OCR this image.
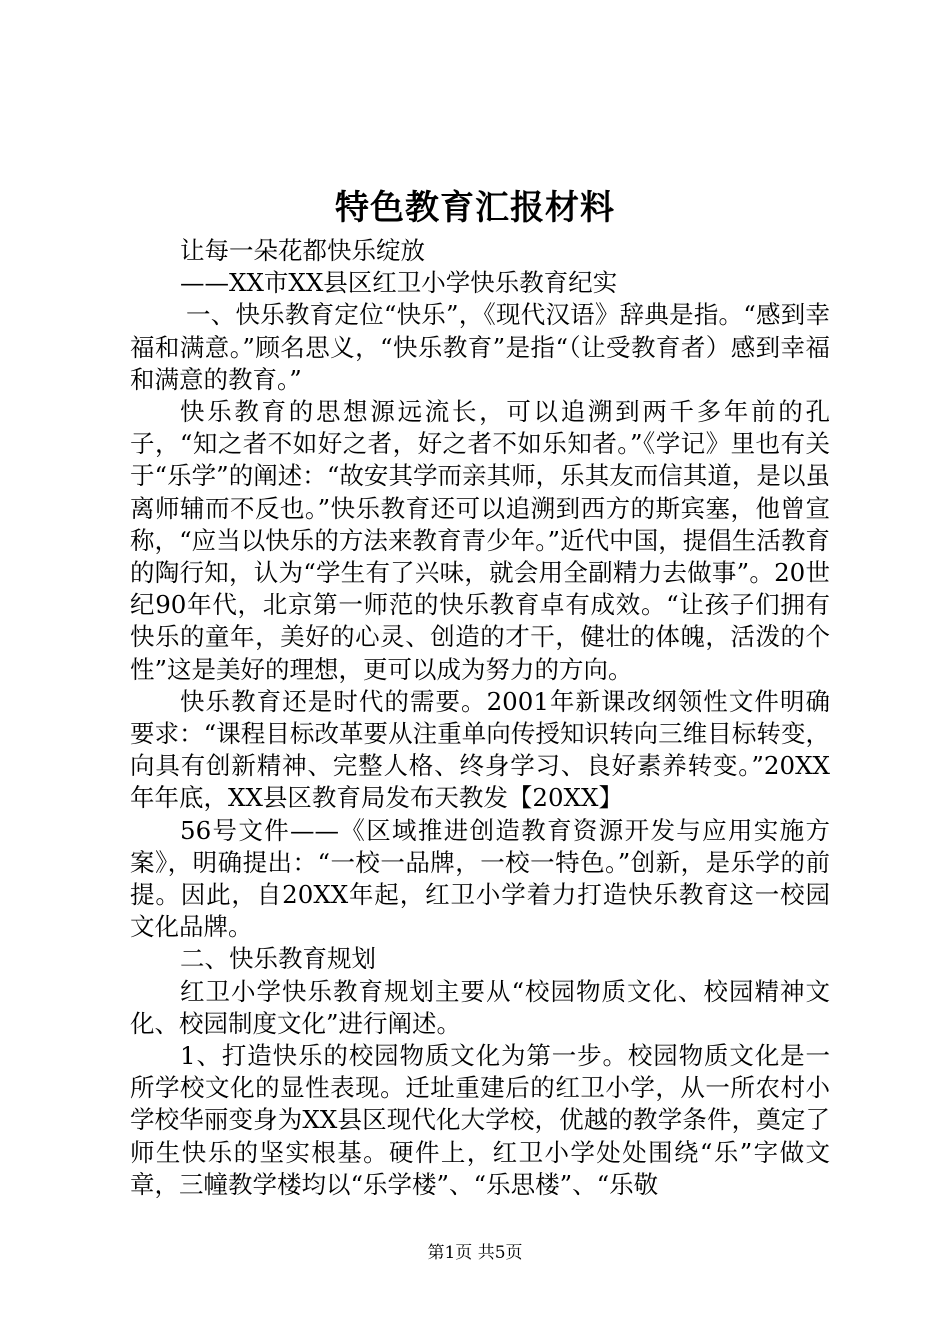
特色教育汇报材料

让每一朵花都快乐绽放

——XX市XX县区红卫小学快乐教育纪实

一、快乐教育定位“快乐”，《现代汉语》辞典是指。“感到幸福和满意。”顾名思义，“快乐教育”是指“（让受教育者）感到幸福和满意的教育。”

快乐教育的思想源远流长，可以追溯到两千多年前的孔子，“知之者不如好之者，好之者不如乐知者。”《学记》里也有关于“乐学”的阐述：“故安其学而亲其师，乐其友而信其道，是以虽离师辅而不反也。”快乐教育还可以追溯到西方的斯宾塞，他曾宣称，“应当以快乐的方法来教育青少年。”近代中国，提倡生活教育的陶行知，认为“学生有了兴味，就会用全副精力去做事”。20世纪90年代，北京第一师范的快乐教育卓有成效。“让孩子们拥有快乐的童年，美好的心灵、创造的才干，健壮的体魄，活泼的个性”这是美好的理想，更可以成为努力的方向。

快乐教育还是时代的需要。2001年新课改纲领性文件明确要求：“课程目标改革要从注重单向传授知识转向三维目标转变，向具有创新精神、完整人格、终身学习、良好素养转变。”20XX年年底，XX县区教育局发布天教发【20XX】

56号文件——《区域推进创造教育资源开发与应用实施方案》，明确提出：“一校一品牌，一校一特色。”创新，是乐学的前提。因此，自20XX年起，红卫小学着力打造快乐教育这一校园文化品牌。

二、快乐教育规划

红卫小学快乐教育规划主要从“校园物质文化、校园精神文化、校园制度文化”进行阐述。

1、打造快乐的校园物质文化为第一步。校园物质文化是一所学校文化的显性表现。迁址重建后的红卫小学，从一所农村小学校华丽变身为XX县区现代化大学校，优越的教学条件，奠定了师生快乐的坚实根基。硬件上，红卫小学处处围绕“乐”字做文章，三幢教学楼均以“乐学楼”、“乐思楼”、“乐敬

第1页 共5页
